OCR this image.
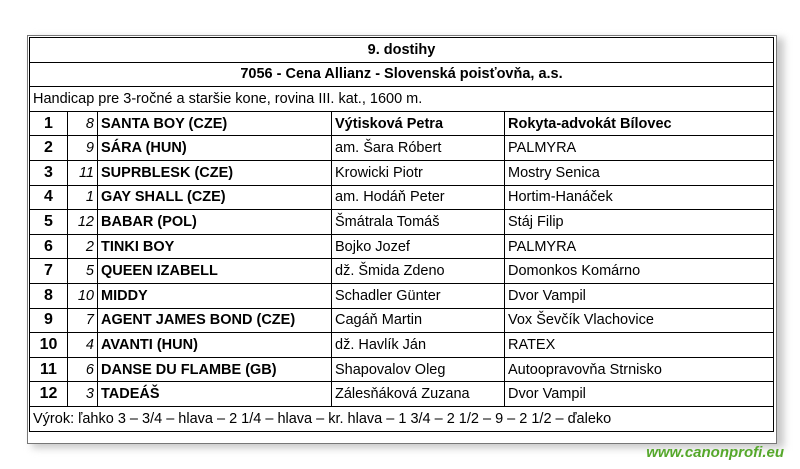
9. dostihy				
7056 - Cena Allianz - Slovenská poisťovňa, a.s.				
Handicap pre 3-ročné a staršie kone, rovina III. kat., 1600 m.				
1	8	SANTA BOY (CZE)	Výtisková Petra	Rokyta-advokát Bílovec
2	9	SÁRA (HUN)	am. Šara Róbert	PALMYRA
3	11	SUPRBLESK (CZE)	Krowicki Piotr	Mostry Senica
4	1	GAY SHALL (CZE)	am. Hodáň Peter	Hortim-Hanáček
5	12	BABAR (POL)	Šmátrala Tomáš	Stáj Filip
6	2	TINKI BOY	Bojko Jozef	PALMYRA
7	5	QUEEN IZABELL	dž. Šmida Zdeno	Domonkos Komárno
8	10	MIDDY	Schadler Günter	Dvor Vampil
9	7	AGENT JAMES BOND (CZE)	Cagáň Martin	Vox Ševčík Vlachovice
10	4	AVANTI (HUN)	dž. Havlík Ján	RATEX
11	6	DANSE DU FLAMBE (GB)	Shapovalov Oleg	Autoopravovňa Strnisko
12	3	TADEÁŠ	Zálesňáková Zuzana	Dvor Vampil
Výrok: ľahko 3 – 3/4 – hlava – 2 1/4 – hlava – kr. hlava – 1 3/4 – 2 1/2 – 9 – 2 1/2 – ďaleko				
www.canonprofi.eu
